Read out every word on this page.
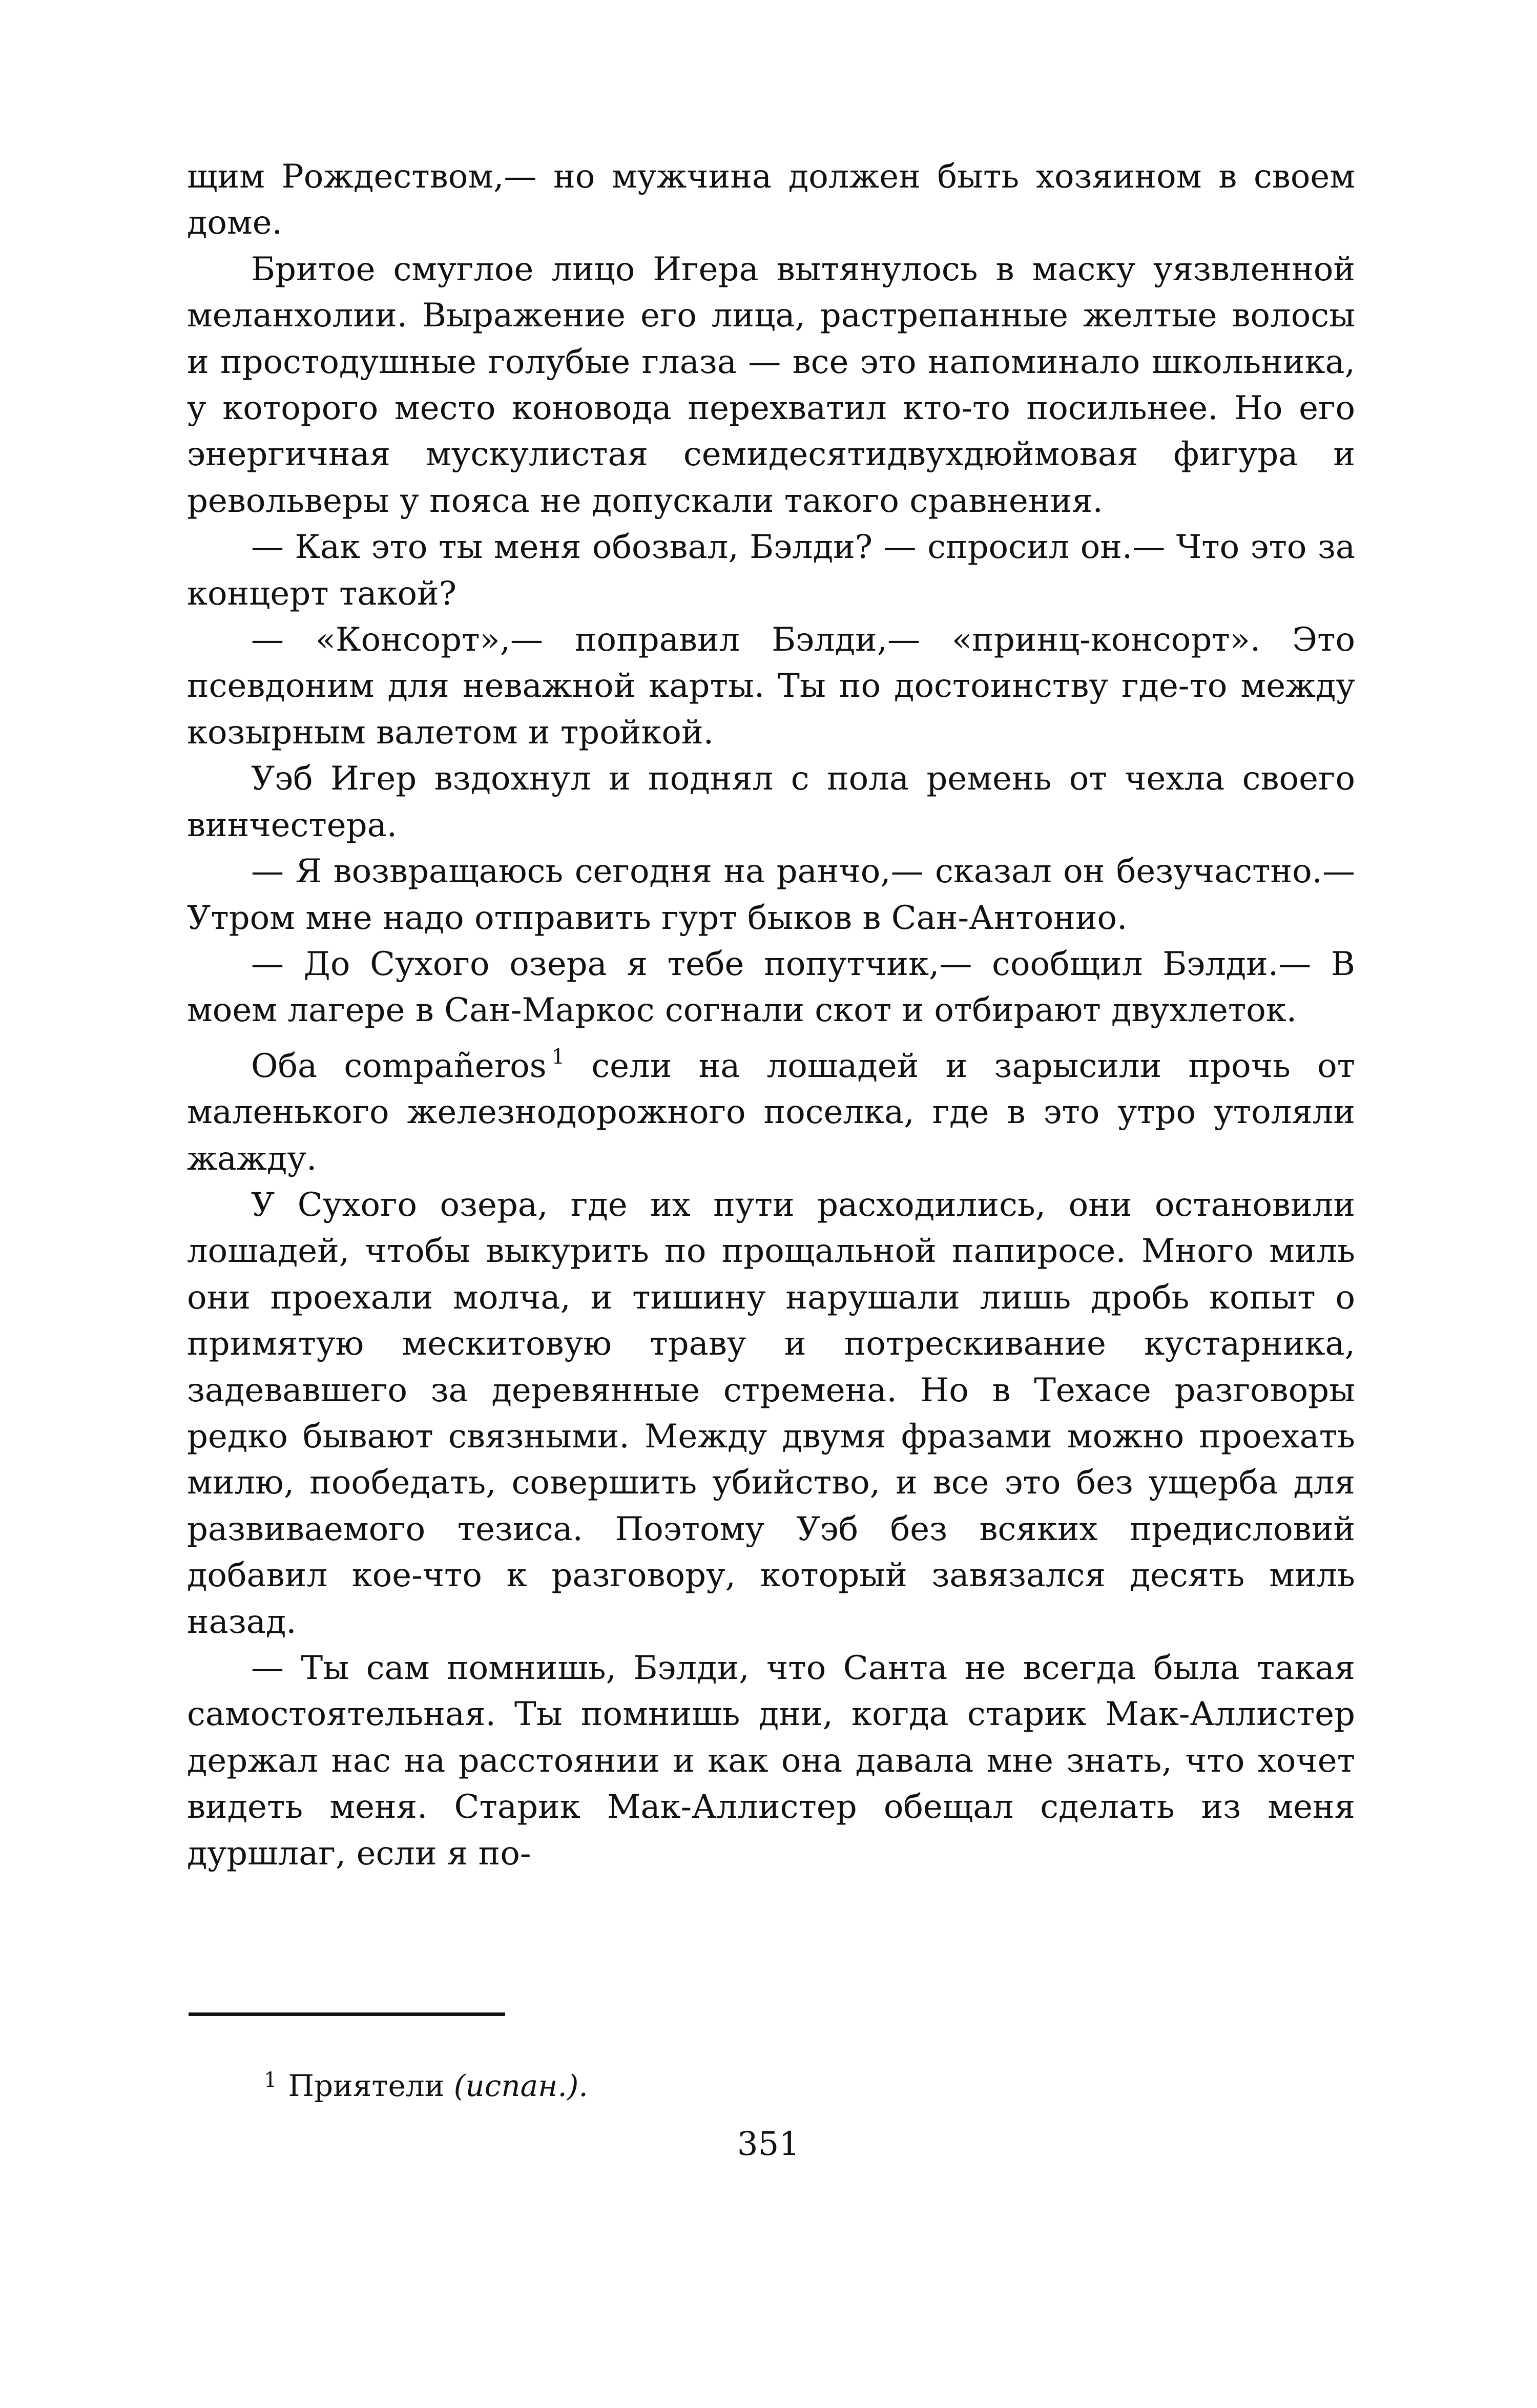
щим Рождеством,— но мужчина должен быть хозяином в своем доме.

Бритое смуглое лицо Игера вытянулось в маску уязвленной меланхолии. Выражение его лица, растрепанные желтые волосы и простодушные голубые глаза — все это напоминало школьника, у которого место коновода перехватил кто-то посильнее. Но его энергичная мускулистая семидесятидвухдюймовая фигура и револьверы у пояса не допускали такого сравнения.

— Как это ты меня обозвал, Бэлди? — спросил он.— Что это за концерт такой?

— «Консорт»,— поправил Бэлди,— «принц-консорт». Это псевдоним для неважной карты. Ты по достоинству где-то между козырным валетом и тройкой.

Уэб Игер вздохнул и поднял с пола ремень от чехла своего винчестера.

— Я возвращаюсь сегодня на ранчо,— сказал он безучастно.— Утром мне надо отправить гурт быков в Сан-Антонио.

— До Сухого озера я тебе попутчик,— сообщил Бэлди.— В моем лагере в Сан-Маркос согнали скот и отбирают двухлеток.

Оба compañeros $^1$ сели на лошадей и зарысили прочь от маленького железнодорожного поселка, где в это утро утоляли жажду.

У Сухого озера, где их пути расходились, они остановили лошадей, чтобы выкурить по прощальной папиросе. Много миль они проехали молча, и тишину нарушали лишь дробь копыт о примятую мескитовую траву и потрескивание кустарника, задевавшего за деревянные стремена. Но в Техасе разговоры редко бывают связными. Между двумя фразами можно проехать милю, пообедать, совершить убийство, и все это без ущерба для развиваемого тезиса. Поэтому Уэб без всяких предисловий добавил кое-что к разговору, который завязался десять миль назад.

— Ты сам помнишь, Бэлди, что Санта не всегда была такая самостоятельная. Ты помнишь дни, когда старик Мак-Аллистер держал нас на расстоянии и как она давала мне знать, что хочет видеть меня. Старик Мак-Аллистер обещал сделать из меня дуршлаг, если я по-

$^1$ Приятели (испан.).
351
